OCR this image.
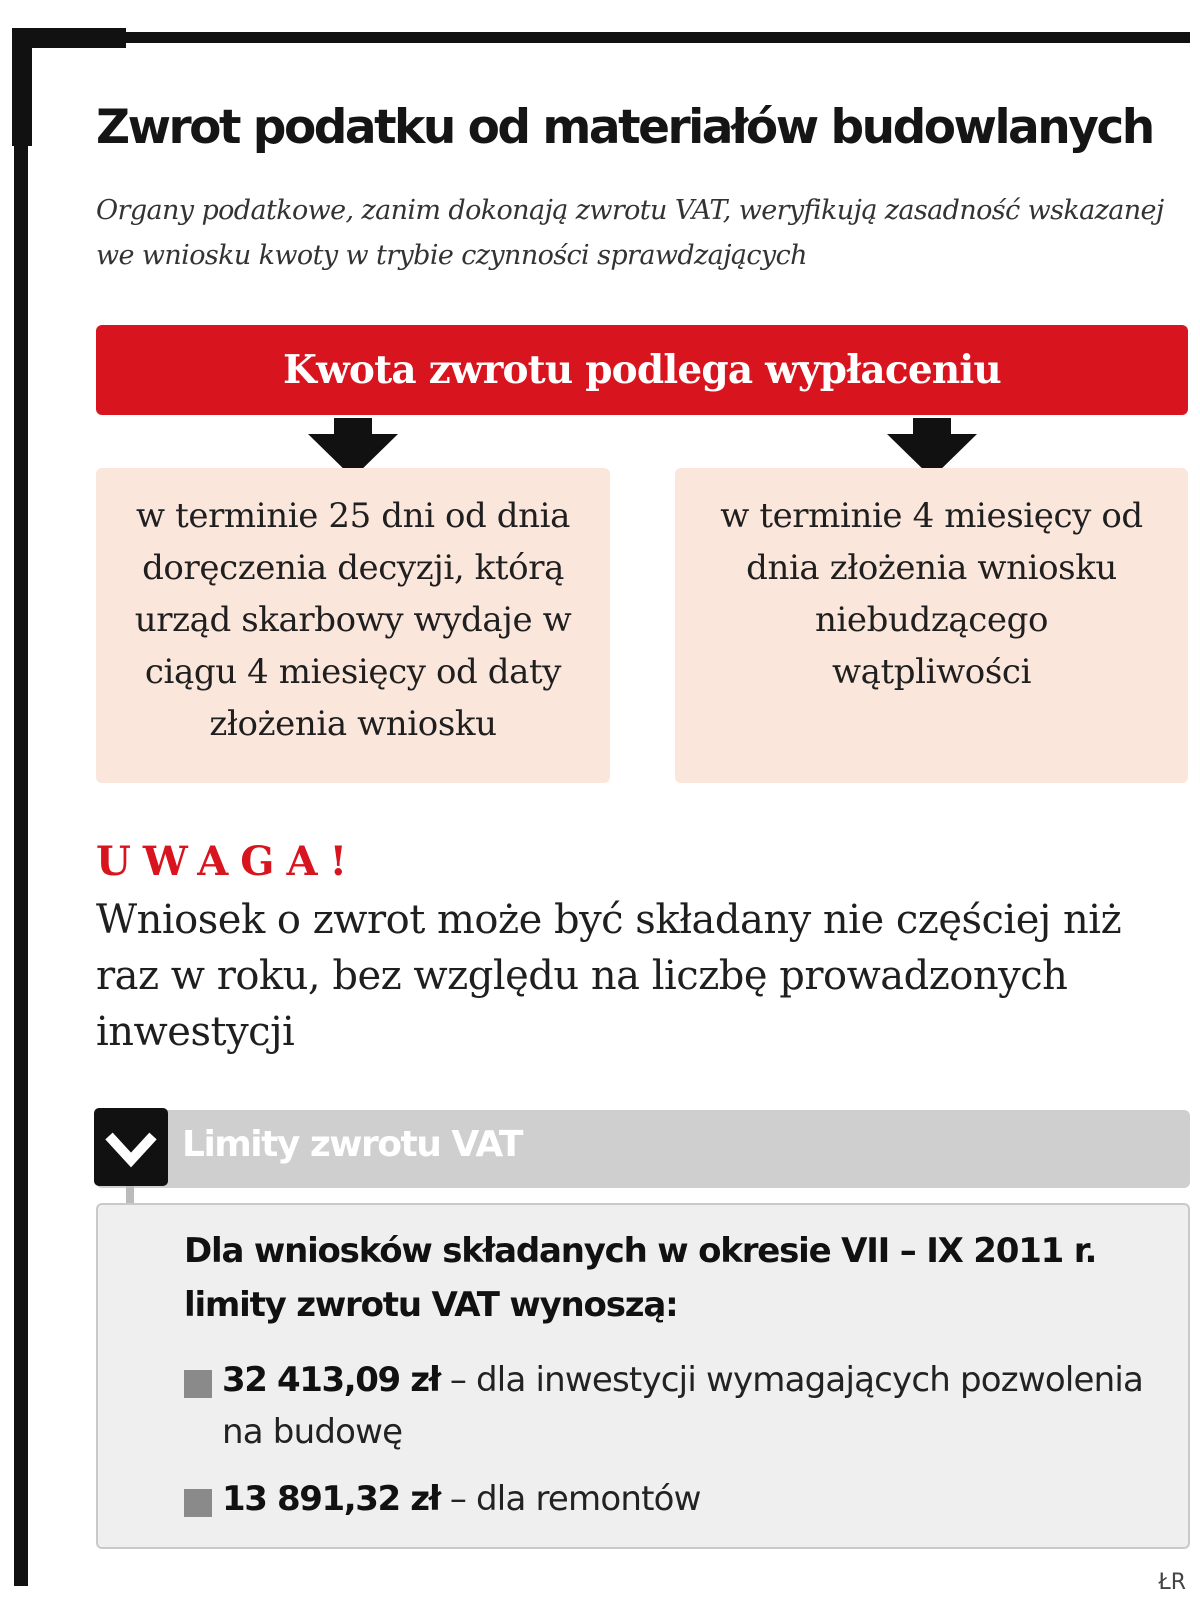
Zwrot podatku od materiałów budowlanych
Organy podatkowe, zanim dokonają zwrotu VAT, weryfikują zasadność wskazanej we wniosku kwoty w trybie czynności sprawdzających
Kwota zwrotu podlega wypłaceniu
w terminie 25 dni od dnia doręczenia decyzji, którą urząd skarbowy wydaje w ciągu 4 miesięcy od daty złożenia wniosku
w terminie 4 miesięcy od dnia złożenia wniosku niebudzącego wątpliwości
UWAGA!
Wniosek o zwrot może być składany nie częściej niż raz w roku, bez względu na liczbę prowadzonych inwestycji
Limity zwrotu VAT
Dla wniosków składanych w okresie VII – IX 2011 r. limity zwrotu VAT wynoszą:
32 413,09 zł – dla inwestycji wymagających pozwolenia na budowę
13 891,32 zł – dla remontów
ŁR
